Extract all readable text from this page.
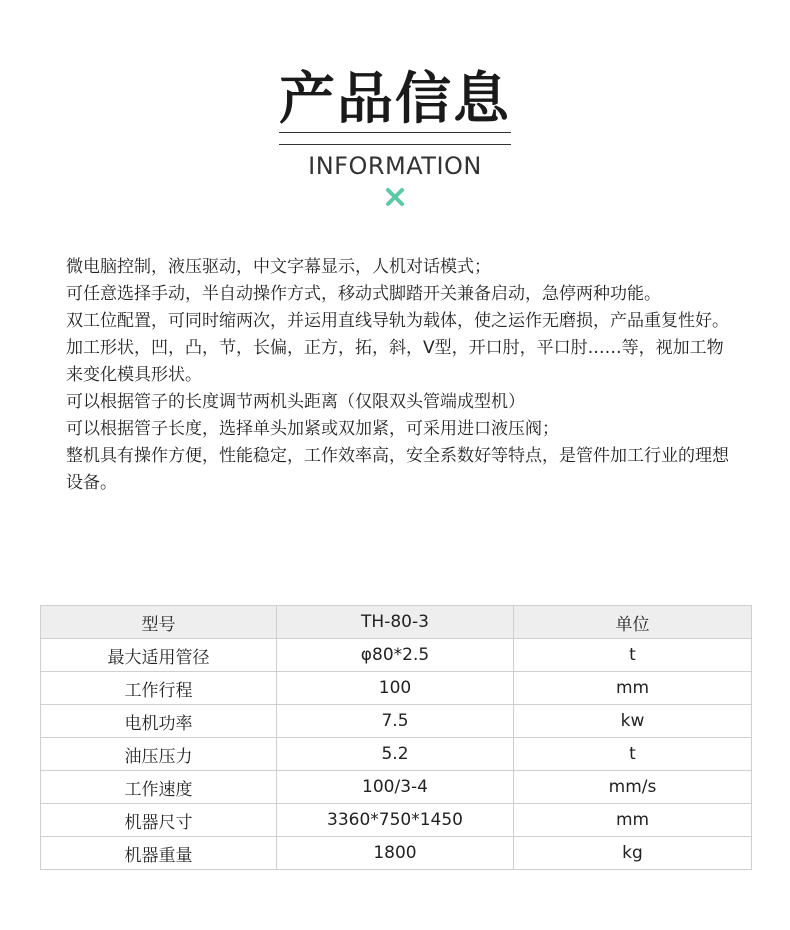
产品信息
INFORMATION

微电脑控制，液压驱动，中文字幕显示，人机对话模式；

可任意选择手动，半自动操作方式，移动式脚踏开关兼备启动，急停两种功能。

双工位配置，可同时缩两次，并运用直线导轨为载体，使之运作无磨损，产品重复性好。

加工形状，凹，凸，节，长偏，正方，拓，斜，V型，开口肘，平口肘……等，视加工物来变化模具形状。

可以根据管子的长度调节两机头距离（仅限双头管端成型机）

可以根据管子长度，选择单头加紧或双加紧，可采用进口液压阀；

整机具有操作方便，性能稳定，工作效率高，安全系数好等特点，是管件加工行业的理想设备。

型号	TH-80-3	单位
最大适用管径	φ80*2.5	t
工作行程	100	mm
电机功率	7.5	kw
油压压力	5.2	t
工作速度	100/3-4	mm/s
机器尺寸	3360*750*1450	mm
机器重量	1800	kg
